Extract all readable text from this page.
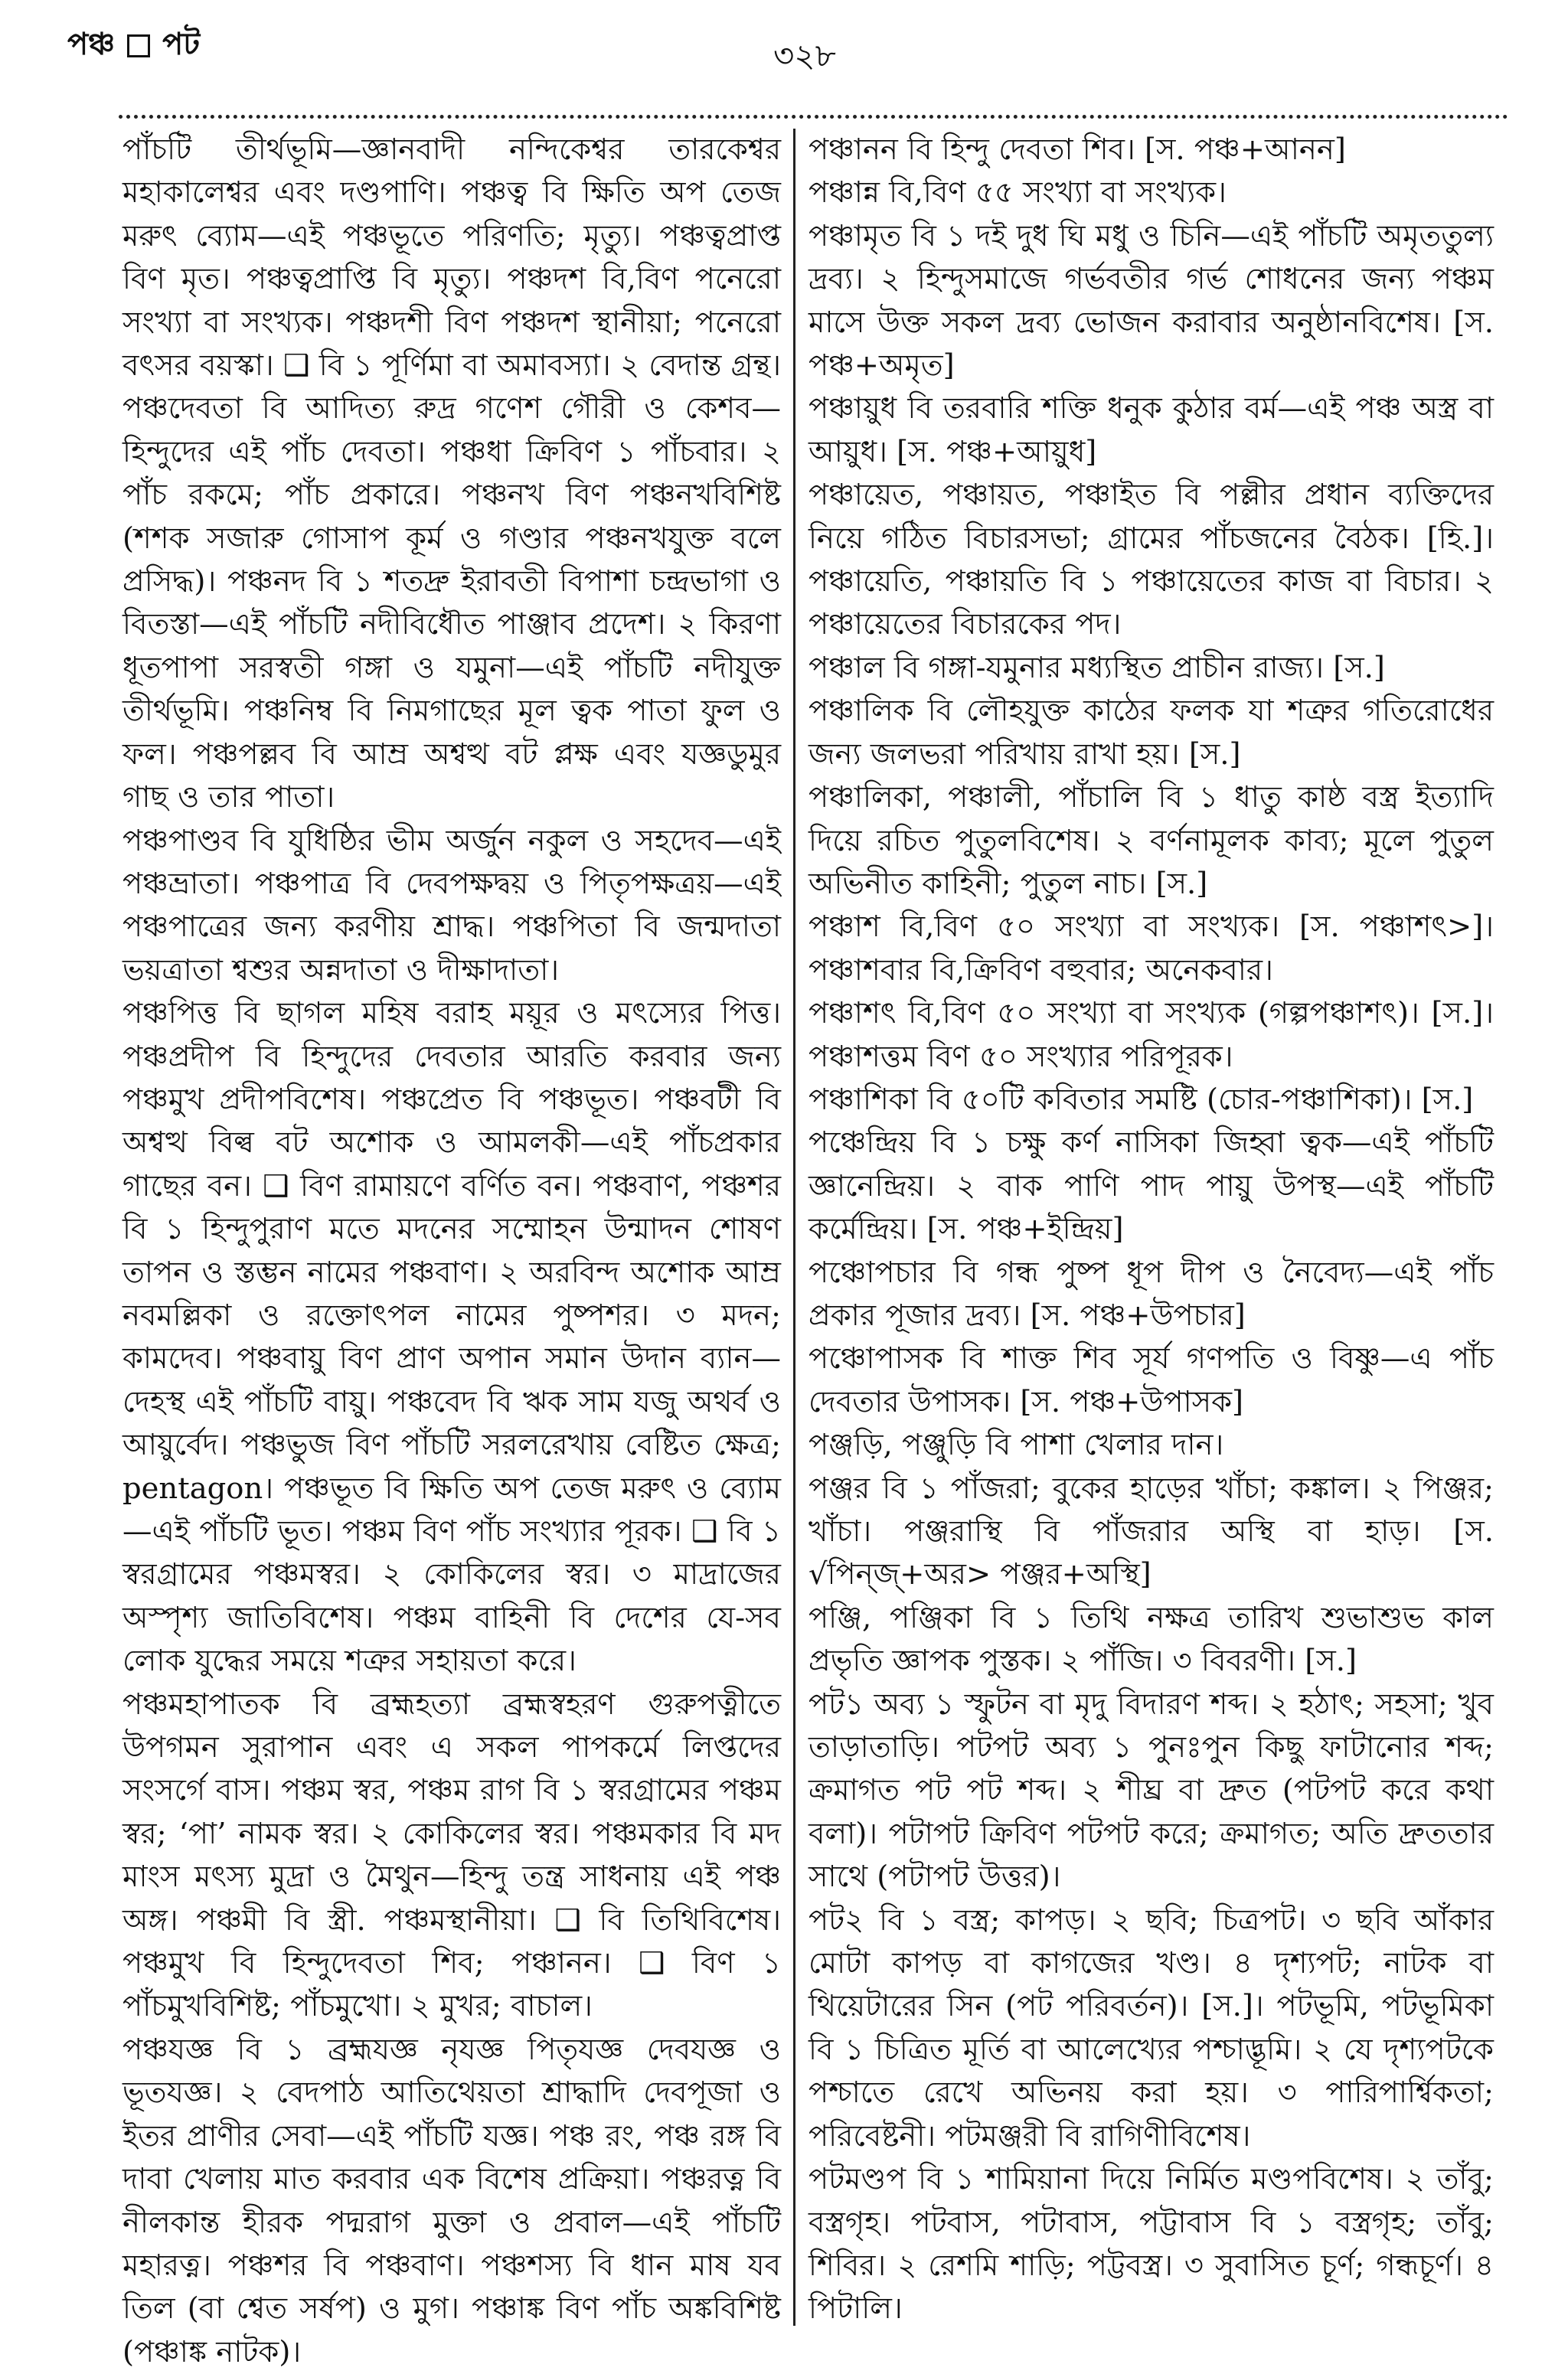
পঞ্চ পট	৩২৮
পাঁচটি তীর্থভূমি—জ্ঞানবাদী নন্দিকেশ্বর তারকেশ্বর মহাকালেশ্বর এবং দণ্ডপাণি। পঞ্চত্ব বি ক্ষিতি অপ তেজ মরুৎ ব্যোম—এই পঞ্চভূতে পরিণতি; মৃত্যু। পঞ্চত্বপ্রাপ্ত বিণ মৃত। পঞ্চত্বপ্রাপ্তি বি মৃত্যু। পঞ্চদশ বি,বিণ পনেরো সংখ্যা বা সংখ্যক। পঞ্চদশী বিণ পঞ্চদশ স্থানীয়া; পনেরো বৎসর বয়স্কা। ❑ বি ১ পূর্ণিমা বা অমাবস্যা। ২ বেদান্ত গ্রন্থ। পঞ্চদেবতা বি আদিত্য রুদ্র গণেশ গৌরী ও কেশব—হিন্দুদের এই পাঁচ দেবতা। পঞ্চধা ক্রিবিণ ১ পাঁচবার। ২ পাঁচ রকমে; পাঁচ প্রকারে। পঞ্চনখ বিণ পঞ্চনখবিশিষ্ট (শশক সজারু গোসাপ কূর্ম ও গণ্ডার পঞ্চনখযুক্ত বলে প্রসিদ্ধ)। পঞ্চনদ বি ১ শতদ্রু ইরাবতী বিপাশা চন্দ্রভাগা ও বিতস্তা—এই পাঁচটি নদীবিধৌত পাঞ্জাব প্রদেশ। ২ কিরণা ধূতপাপা সরস্বতী গঙ্গা ও যমুনা—এই পাঁচটি নদীযুক্ত তীর্থভূমি। পঞ্চনিম্ব বি নিমগাছের মূল ত্বক পাতা ফুল ও ফল। পঞ্চপল্লব বি আম্র অশ্বত্থ বট প্লক্ষ এবং যজ্ঞডুমুর গাছ ও তার পাতা।
পঞ্চপাণ্ডব বি যুধিষ্ঠির ভীম অর্জুন নকুল ও সহদেব—এই পঞ্চভ্রাতা। পঞ্চপাত্র বি দেবপক্ষদ্বয় ও পিতৃপক্ষত্রয়—এই পঞ্চপাত্রের জন্য করণীয় শ্রাদ্ধ। পঞ্চপিতা বি জন্মদাতা ভয়ত্রাতা শ্বশুর অন্নদাতা ও দীক্ষাদাতা।
পঞ্চপিত্ত বি ছাগল মহিষ বরাহ ময়ূর ও মৎস্যের পিত্ত। পঞ্চপ্রদীপ বি হিন্দুদের দেবতার আরতি করবার জন্য পঞ্চমুখ প্রদীপবিশেষ। পঞ্চপ্রেত বি পঞ্চভূত। পঞ্চবটী বি অশ্বত্থ বিল্ব বট অশোক ও আমলকী—এই পাঁচপ্রকার গাছের বন। ❑ বিণ রামায়ণে বর্ণিত বন। পঞ্চবাণ, পঞ্চশর বি ১ হিন্দুপুরাণ মতে মদনের সম্মোহন উন্মাদন শোষণ তাপন ও স্তম্ভন নামের পঞ্চবাণ। ২ অরবিন্দ অশোক আম্র নবমল্লিকা ও রক্তোৎপল নামের পুষ্পশর। ৩ মদন; কামদেব। পঞ্চবায়ু বিণ প্রাণ অপান সমান উদান ব্যান—দেহস্থ এই পাঁচটি বায়ু। পঞ্চবেদ বি ঋক সাম যজু অথর্ব ও আয়ুর্বেদ। পঞ্চভুজ বিণ পাঁচটি সরলরেখায় বেষ্টিত ক্ষেত্র; pentagon। পঞ্চভূত বি ক্ষিতি অপ তেজ মরুৎ ও ব্যোম—এই পাঁচটি ভূত। পঞ্চম বিণ পাঁচ সংখ্যার পূরক। ❑ বি ১ স্বরগ্রামের পঞ্চমস্বর। ২ কোকিলের স্বর। ৩ মাদ্রাজের অস্পৃশ্য জাতিবিশেষ। পঞ্চম বাহিনী বি দেশের যে-সব লোক যুদ্ধের সময়ে শত্রুর সহায়তা করে।
পঞ্চমহাপাতক বি ব্রহ্মহত্যা ব্রহ্মস্বহরণ গুরুপত্নীতে উপগমন সুরাপান এবং এ সকল পাপকর্মে লিপ্তদের সংসর্গে বাস। পঞ্চম স্বর, পঞ্চম রাগ বি ১ স্বরগ্রামের পঞ্চম স্বর; ‘পা’ নামক স্বর। ২ কোকিলের স্বর। পঞ্চমকার বি মদ মাংস মৎস্য মুদ্রা ও মৈথুন—হিন্দু তন্ত্র সাধনায় এই পঞ্চ অঙ্গ। পঞ্চমী বি স্ত্রী. পঞ্চমস্থানীয়া। ❑ বি তিথিবিশেষ। পঞ্চমুখ বি হিন্দুদেবতা শিব; পঞ্চানন। ❑ বিণ ১ পাঁচমুখবিশিষ্ট; পাঁচমুখো। ২ মুখর; বাচাল।
পঞ্চযজ্ঞ বি ১ ব্রহ্মযজ্ঞ নৃযজ্ঞ পিতৃযজ্ঞ দেবযজ্ঞ ও ভূতযজ্ঞ। ২ বেদপাঠ আতিথেয়তা শ্রাদ্ধাদি দেবপূজা ও ইতর প্রাণীর সেবা—এই পাঁচটি যজ্ঞ। পঞ্চ রং, পঞ্চ রঙ্গ বি দাবা খেলায় মাত করবার এক বিশেষ প্রক্রিয়া। পঞ্চরত্ন বি নীলকান্ত হীরক পদ্মরাগ মুক্তা ও প্রবাল—এই পাঁচটি মহারত্ন। পঞ্চশর বি পঞ্চবাণ। পঞ্চশস্য বি ধান মাষ যব তিল (বা শ্বেত সর্ষপ) ও মুগ। পঞ্চাঙ্ক বিণ পাঁচ অঙ্কবিশিষ্ট (পঞ্চাঙ্ক নাটক)।
পঞ্চানন বি হিন্দু দেবতা শিব। [স. পঞ্চ+আনন]
পঞ্চান্ন বি,বিণ ৫৫ সংখ্যা বা সংখ্যক।
পঞ্চামৃত বি ১ দই দুধ ঘি মধু ও চিনি—এই পাঁচটি অমৃততুল্য দ্রব্য। ২ হিন্দুসমাজে গর্ভবতীর গর্ভ শোধনের জন্য পঞ্চম মাসে উক্ত সকল দ্রব্য ভোজন করাবার অনুষ্ঠানবিশেষ। [স. পঞ্চ+অমৃত]
পঞ্চায়ুধ বি তরবারি শক্তি ধনুক কুঠার বর্ম—এই পঞ্চ অস্ত্র বা আয়ুধ। [স. পঞ্চ+আয়ুধ]
পঞ্চায়েত, পঞ্চায়ত, পঞ্চাইত বি পল্লীর প্রধান ব্যক্তিদের নিয়ে গঠিত বিচারসভা; গ্রামের পাঁচজনের বৈঠক। [হি.]। পঞ্চায়েতি, পঞ্চায়তি বি ১ পঞ্চায়েতের কাজ বা বিচার। ২ পঞ্চায়েতের বিচারকের পদ।
পঞ্চাল বি গঙ্গা-যমুনার মধ্যস্থিত প্রাচীন রাজ্য। [স.]
পঞ্চালিক বি লৌহযুক্ত কাঠের ফলক যা শত্রুর গতিরোধের জন্য জলভরা পরিখায় রাখা হয়। [স.]
পঞ্চালিকা, পঞ্চালী, পাঁচালি বি ১ ধাতু কাষ্ঠ বস্ত্র ইত্যাদি দিয়ে রচিত পুতুলবিশেষ। ২ বর্ণনামূলক কাব্য; মূলে পুতুল অভিনীত কাহিনী; পুতুল নাচ। [স.]
পঞ্চাশ বি,বিণ ৫০ সংখ্যা বা সংখ্যক। [স. পঞ্চাশৎ>]। পঞ্চাশবার বি,ক্রিবিণ বহুবার; অনেকবার।
পঞ্চাশৎ বি,বিণ ৫০ সংখ্যা বা সংখ্যক (গল্পপঞ্চাশৎ)। [স.]। পঞ্চাশত্তম বিণ ৫০ সংখ্যার পরিপূরক।
পঞ্চাশিকা বি ৫০টি কবিতার সমষ্টি (চোর-পঞ্চাশিকা)। [স.]
পঞ্চেন্দ্রিয় বি ১ চক্ষু কর্ণ নাসিকা জিহ্বা ত্বক—এই পাঁচটি জ্ঞানেন্দ্রিয়। ২ বাক পাণি পাদ পায়ু উপস্থ—এই পাঁচটি কর্মেন্দ্রিয়। [স. পঞ্চ+ইন্দ্রিয়]
পঞ্চোপচার বি গন্ধ পুষ্প ধূপ দীপ ও নৈবেদ্য—এই পাঁচ প্রকার পূজার দ্রব্য। [স. পঞ্চ+উপচার]
পঞ্চোপাসক বি শাক্ত শিব সূর্য গণপতি ও বিষ্ণু—এ পাঁচ দেবতার উপাসক। [স. পঞ্চ+উপাসক]
পঞ্জড়ি, পঞ্জুড়ি বি পাশা খেলার দান।
পঞ্জর বি ১ পাঁজরা; বুকের হাড়ের খাঁচা; কঙ্কাল। ২ পিঞ্জর; খাঁচা। পঞ্জরাস্থি বি পাঁজরার অস্থি বা হাড়। [স. √পিন্‌জ্‌+অর> পঞ্জর+অস্থি]
পঞ্জি, পঞ্জিকা বি ১ তিথি নক্ষত্র তারিখ শুভাশুভ কাল প্রভৃতি জ্ঞাপক পুস্তক। ২ পাঁজি। ৩ বিবরণী। [স.]
পট১ অব্য ১ স্ফুটন বা মৃদু বিদারণ শব্দ। ২ হঠাৎ; সহসা; খুব তাড়াতাড়ি। পটপট অব্য ১ পুনঃপুন কিছু ফাটানোর শব্দ; ক্রমাগত পট পট শব্দ। ২ শীঘ্র বা দ্রুত (পটপট করে কথা বলা)। পটাপট ক্রিবিণ পটপট করে; ক্রমাগত; অতি দ্রুততার সাথে (পটাপট উত্তর)।
পট২ বি ১ বস্ত্র; কাপড়। ২ ছবি; চিত্রপট। ৩ ছবি আঁকার মোটা কাপড় বা কাগজের খণ্ড। ৪ দৃশ্যপট; নাটক বা থিয়েটারের সিন (পট পরিবর্তন)। [স.]। পটভূমি, পটভূমিকা বি ১ চিত্রিত মূর্তি বা আলেখ্যের পশ্চাদ্ভূমি। ২ যে দৃশ্যপটকে পশ্চাতে রেখে অভিনয় করা হয়। ৩ পারিপার্শ্বিকতা; পরিবেষ্টনী। পটমঞ্জরী বি রাগিণীবিশেষ।
পটমণ্ডপ বি ১ শামিয়ানা দিয়ে নির্মিত মণ্ডপবিশেষ। ২ তাঁবু; বস্ত্রগৃহ। পটবাস, পটাবাস, পট্টাবাস বি ১ বস্ত্রগৃহ; তাঁবু; শিবির। ২ রেশমি শাড়ি; পট্টবস্ত্র। ৩ সুবাসিত চূর্ণ; গন্ধচূর্ণ। ৪ পিটালি।
